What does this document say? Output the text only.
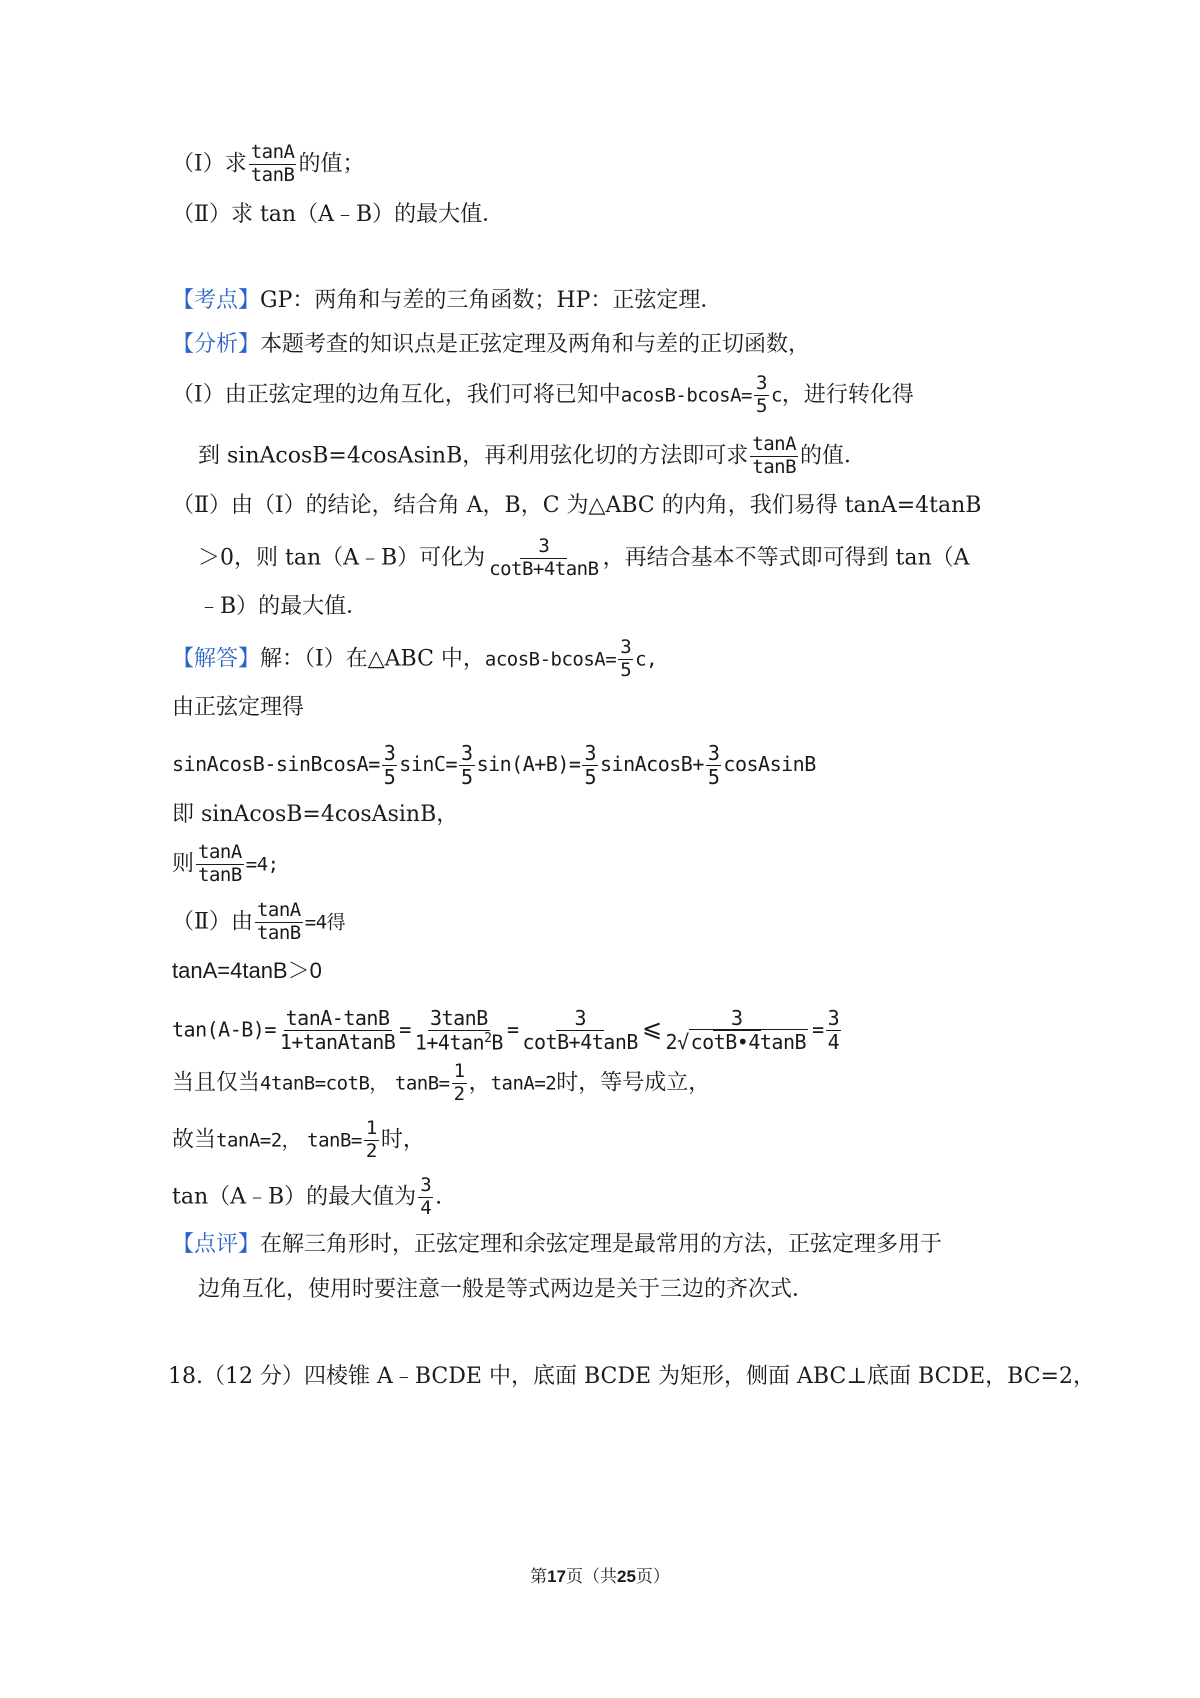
（Ⅰ）求 $\frac{\tan A}{\tan B}$ 的值；
（Ⅱ）求 tan（A﹣B）的最大值．
【考点】GP：两角和与差的三角函数；HP：正弦定理．
【分析】本题考查的知识点是正弦定理及两角和与差的正切函数，
（Ⅰ）由正弦定理的边角互化，我们可将已知中$acosB-bcosA= \frac{3}{5}$ c，进行转化得
到 sinAcosB=4cosAsinB，再利用弦化切的方法即可求 $\frac{\tan A}{\tan B}$ 的值．
（Ⅱ）由（Ⅰ）的结论，结合角 A，B，C 为△ABC 的内角，我们易得 tanA=4tanB
＞0，则 tan（A﹣B）可化为 $\frac{3}{\cot B+4\tan B}$ ，再结合基本不等式即可得到 tan（A
﹣B）的最大值．
【解答】解：（Ⅰ）在△ABC 中，$acosB-bcosA= \frac{3}{5} c$,
由正弦定理得
sinAcosB-sinBcosA= $\frac{3}{5} \sin C= \frac{3}{5} \sin(A+B)= \frac{3}{5}$ sinAcosB+ $\frac{3}{5}$ cosAsinB
即 sinAcosB=4cosAsinB，
则 $\frac{\tan A}{\tan B} =4$;
（Ⅱ）由 $\frac{\tan A}{\tan B} =4$得
tanA=4tanB＞0
$\tan(A-B)= \frac{\tan A-\tan B}{\text{1+tanAtanB}} = \frac{3\tan B}{1+4\tan^2B} = \frac{3}{\cot B+4\tan B}$ ⩽ $\frac{3}{2√ \cot B•4\tan B} = \frac{3}{4}$
当且仅当4tanB=cotB， $\tan B= \frac{1}{2}$ ，tanA=2时，等号成立，
故当tanA=2， $\tan B= \frac{1}{2}$ 时，
tan（A﹣B）的最大值为 $\frac{3}{4}$ .
【点评】在解三角形时，正弦定理和余弦定理是最常用的方法，正弦定理多用于
边角互化，使用时要注意一般是等式两边是关于三边的齐次式．
18.（12 分）四棱锥 A﹣BCDE 中，底面 BCDE 为矩形，侧面 ABC⊥底面 BCDE，BC=2，
第17页（共25页）
